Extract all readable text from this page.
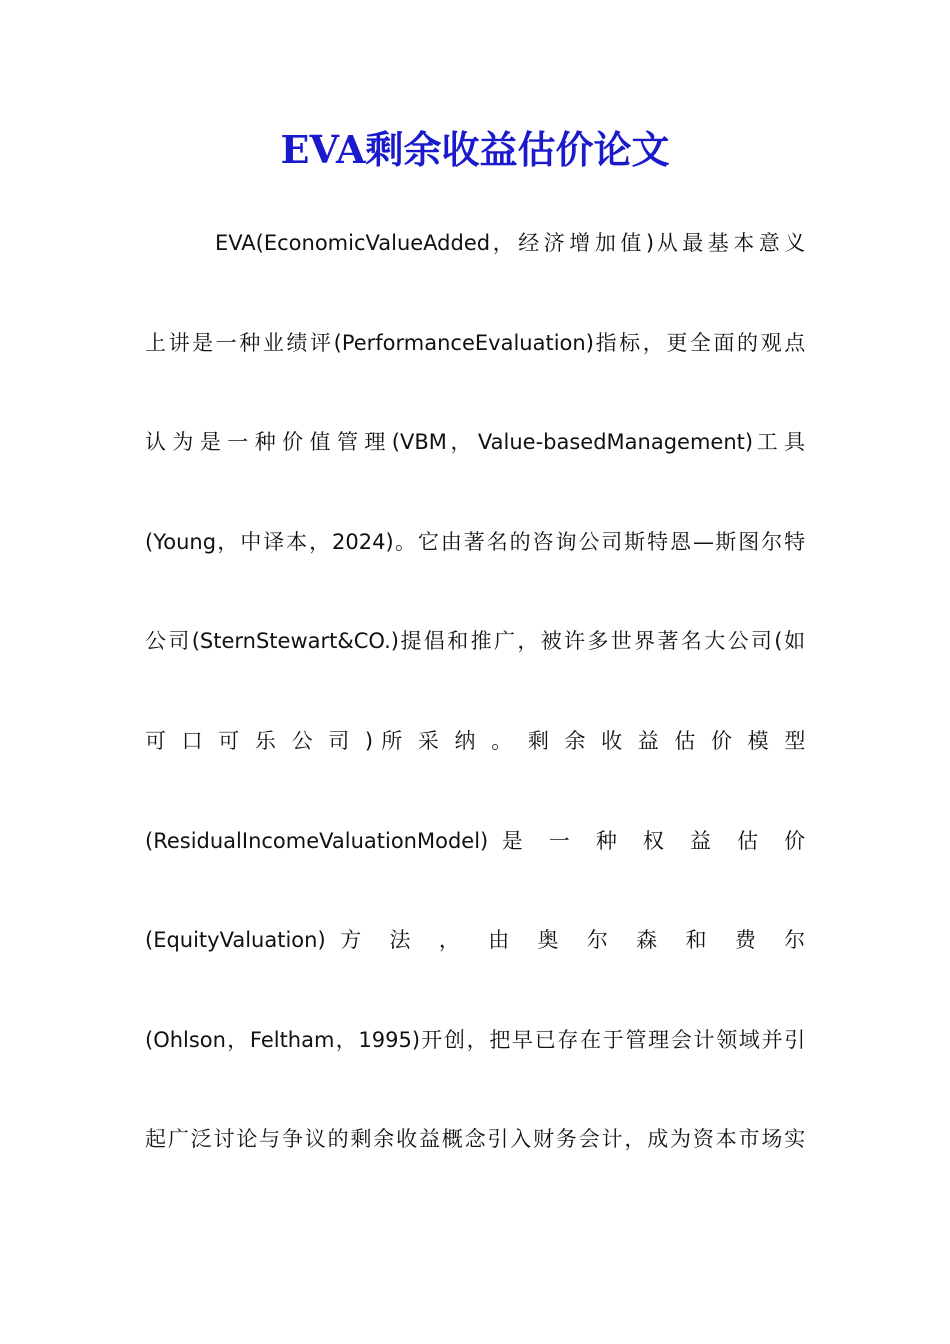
EVA剩余收益估价论文
EVA(EconomicValueAdded ， 经 济 增 加 值 ) 从 最 基 本 意 义
上 讲 是 一 种 业 绩 评 (PerformanceEvaluation) 指 标 ， 更 全 面 的 观 点
认 为 是 一 种 价 值 管 理 (VBM ， Value-basedManagement) 工 具
(Young ， 中 译 本 ， 2024) 。 它 由 著 名 的 咨 询 公 司 斯 特 恩 — 斯 图 尔 特
公 司 (SternStewart&CO.) 提 倡 和 推 广 ， 被 许 多 世 界 著 名 大 公 司 ( 如
可 口 可 乐 公 司 ) 所 采 纳 。 剩 余 收 益 估 价 模 型
(ResidualIncomeValuationModel) 是 一 种 权 益 估 价
(EquityValuation) 方 法 ， 由 奥 尔 森 和 费 尔
(Ohlson ， Feltham ， 1995) 开 创 ， 把 早 已 存 在 于 管 理 会 计 领 域 并 引
起 广 泛 讨 论 与 争 议 的 剩 余 收 益 概 念 引 入 财 务 会 计 ， 成 为 资 本 市 场 实
